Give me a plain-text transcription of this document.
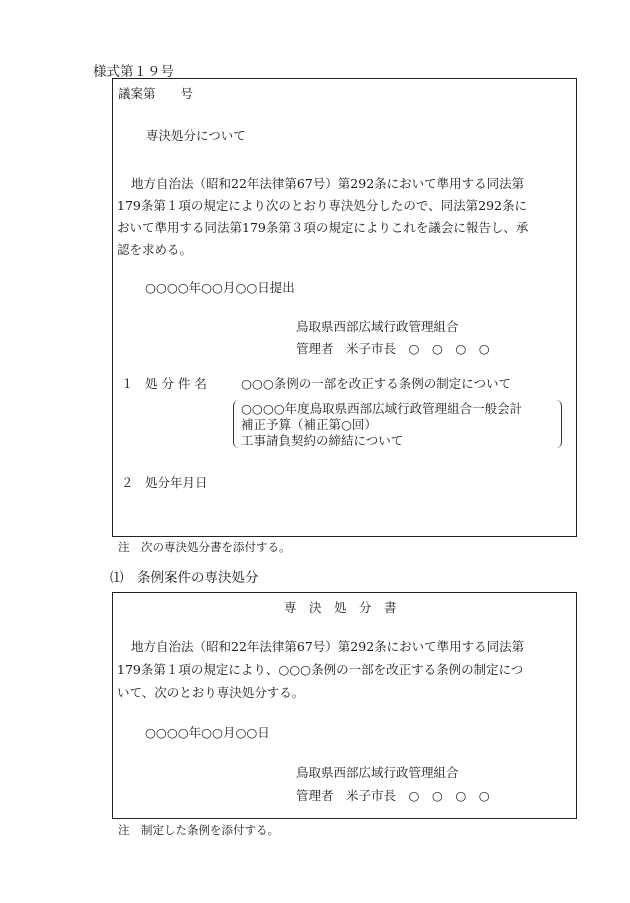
様式第１９号
議案第　　号
専決処分について
地方自治法（昭和22年法律第67号）第292条において準用する同法第
179条第１項の規定により次のとおり専決処分したので、同法第292条に
おいて準用する同法第179条第３項の規定によりこれを議会に報告し、承
認を求める。
○○○○年○○月○○日提出
鳥取県西部広域行政管理組合
管理者　米子市長　○　○　○　○
１ 処 分 件 名	○○○条例の一部を改正する条例の制定について
○○○○年度鳥取県西部広域行政管理組合一般会計
補正予算（補正第○回）
工事請負契約の締結について
２ 処分年月日
注　次の専決処分書を添付する。
⑴　条例案件の専決処分
専　決　処　分　書
地方自治法（昭和22年法律第67号）第292条において準用する同法第
179条第１項の規定により、○○○条例の一部を改正する条例の制定につ
いて、次のとおり専決処分する。
○○○○年○○月○○日
鳥取県西部広域行政管理組合
管理者　米子市長　○　○　○　○
注　制定した条例を添付する。
